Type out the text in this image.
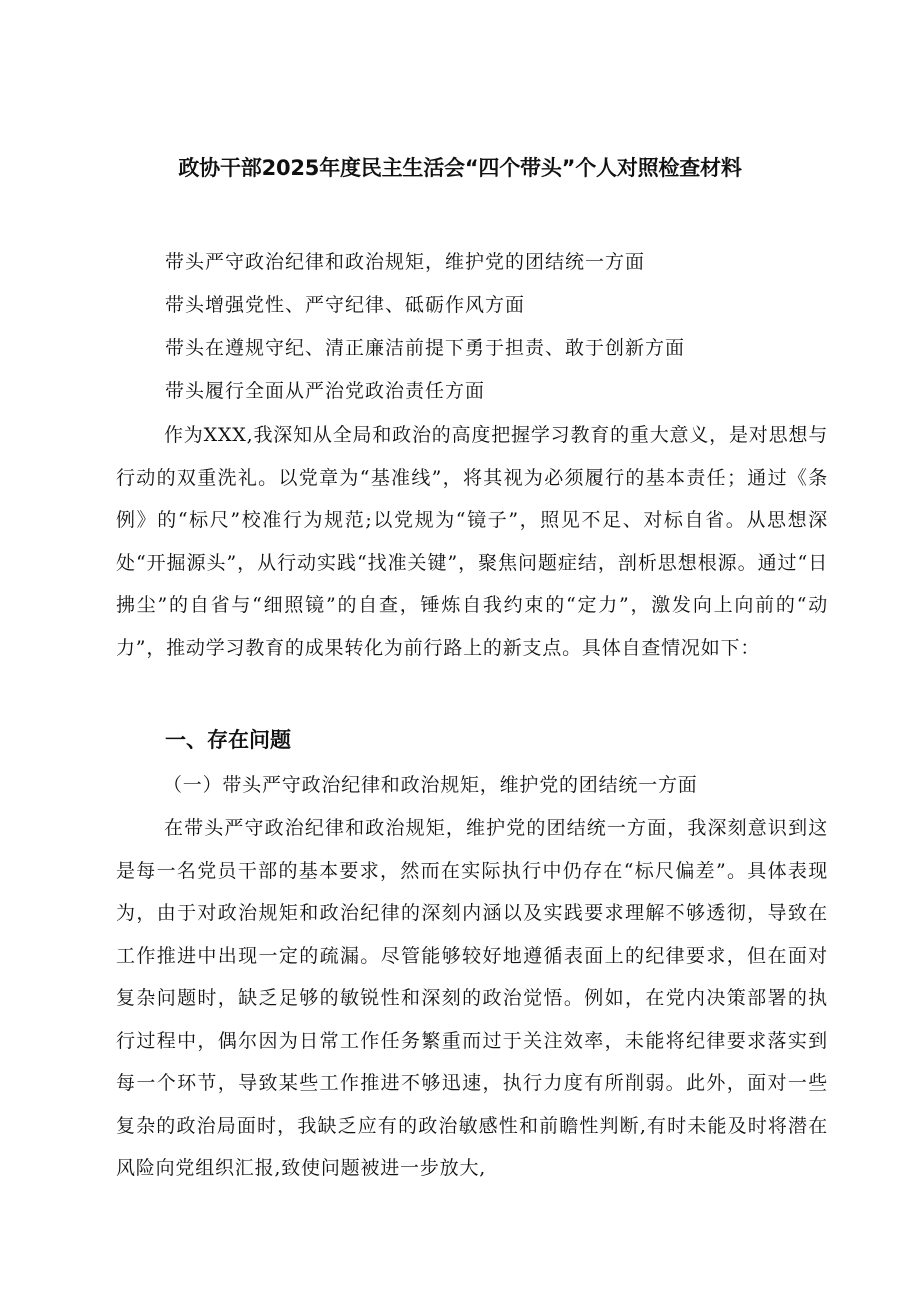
政协干部2025年度民主生活会“四个带头”个人对照检查材料
带头严守政治纪律和政治规矩，维护党的团结统一方面
带头增强党性、严守纪律、砥砺作风方面
带头在遵规守纪、清正廉洁前提下勇于担责、敢于创新方面
带头履行全面从严治党政治责任方面

作为XXX,我深知从全局和政治的高度把握学习教育的重大意义，是对思想与行动的双重洗礼。以党章为“基准线”，将其视为必须履行的基本责任；通过《条例》的“标尺”校准行为规范;以党规为“镜子”，照见不足、对标自省。从思想深处“开掘源头”，从行动实践“找准关键”，聚焦问题症结，剖析思想根源。通过“日拂尘”的自省与“细照镜”的自查，锤炼自我约束的“定力”，激发向上向前的“动力”，推动学习教育的成果转化为前行路上的新支点。具体自查情况如下：

一、存在问题
（一）带头严守政治纪律和政治规矩，维护党的团结统一方面

在带头严守政治纪律和政治规矩，维护党的团结统一方面，我深刻意识到这是每一名党员干部的基本要求，然而在实际执行中仍存在“标尺偏差”。具体表现为，由于对政治规矩和政治纪律的深刻内涵以及实践要求理解不够透彻，导致在工作推进中出现一定的疏漏。尽管能够较好地遵循表面上的纪律要求，但在面对复杂问题时，缺乏足够的敏锐性和深刻的政治觉悟。例如，在党内决策部署的执行过程中，偶尔因为日常工作任务繁重而过于关注效率，未能将纪律要求落实到每一个环节，导致某些工作推进不够迅速，执行力度有所削弱。此外，面对一些复杂的政治局面时，我缺乏应有的政治敏感性和前瞻性判断,有时未能及时将潜在风险向党组织汇报,致使问题被进一步放大,
